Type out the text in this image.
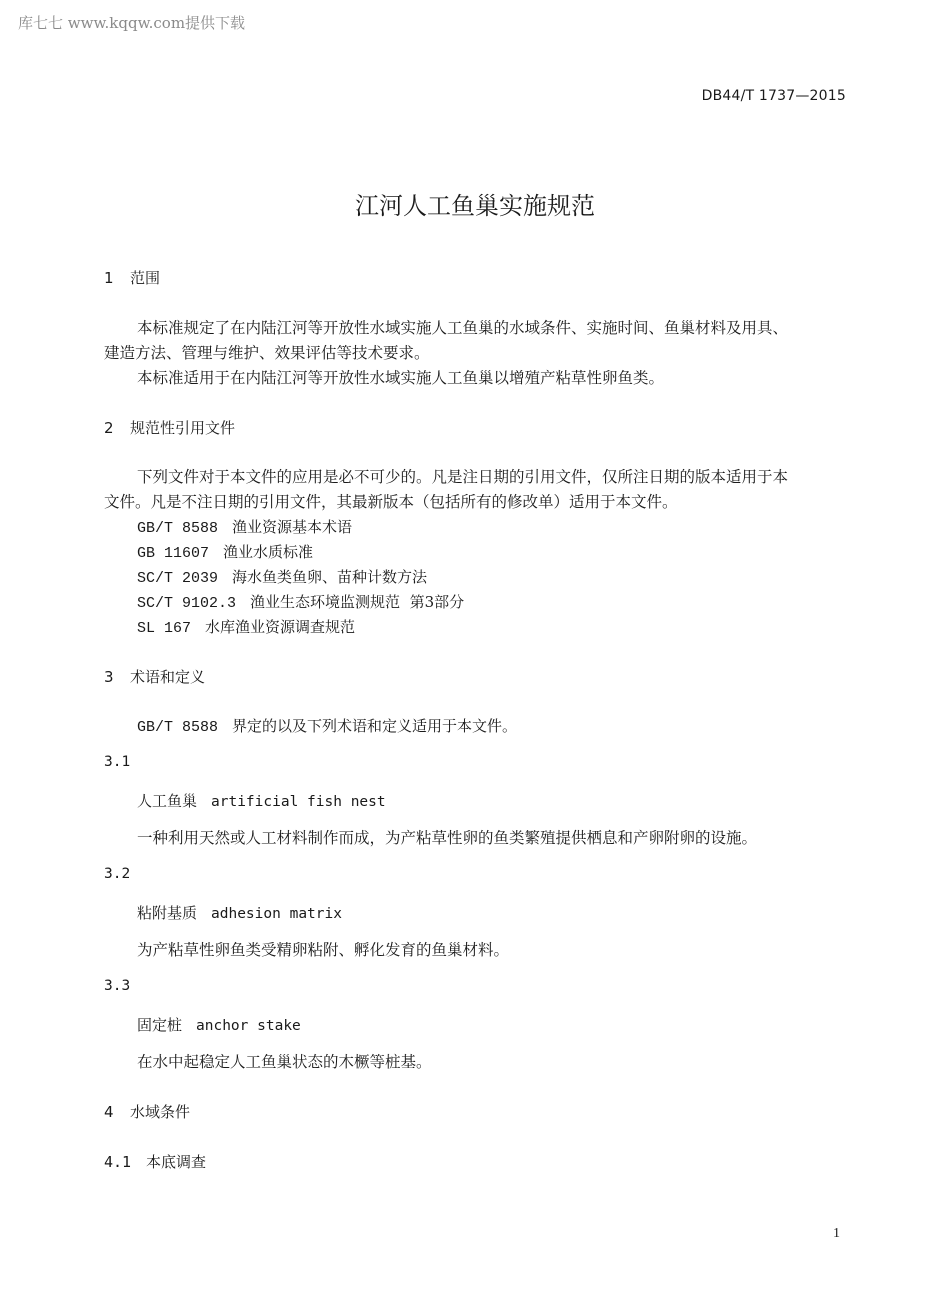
库七七 www.kqqw.com提供下载
DB44/T 1737—2015
江河人工鱼巢实施规范
1 范围
本标准规定了在内陆江河等开放性水域实施人工鱼巢的水域条件、实施时间、鱼巢材料及用具、
建造方法、管理与维护、效果评估等技术要求。
本标准适用于在内陆江河等开放性水域实施人工鱼巢以增殖产粘草性卵鱼类。
2 规范性引用文件
下列文件对于本文件的应用是必不可少的。凡是注日期的引用文件，仅所注日期的版本适用于本
文件。凡是不注日期的引用文件，其最新版本（包括所有的修改单）适用于本文件。
GB/T 8588 渔业资源基本术语
GB 11607 渔业水质标准
SC/T 2039 海水鱼类鱼卵、苗种计数方法
SC/T 9102.3 渔业生态环境监测规范  第3部分
SL 167 水库渔业资源调查规范
3 术语和定义
GB/T 8588 界定的以及下列术语和定义适用于本文件。
3.1
人工鱼巢 artificial fish nest
一种利用天然或人工材料制作而成，为产粘草性卵的鱼类繁殖提供栖息和产卵附卵的设施。
3.2
粘附基质 adhesion matrix
为产粘草性卵鱼类受精卵粘附、孵化发育的鱼巢材料。
3.3
固定桩 anchor stake
在水中起稳定人工鱼巢状态的木橛等桩基。
4 水域条件
4.1 本底调查
1
